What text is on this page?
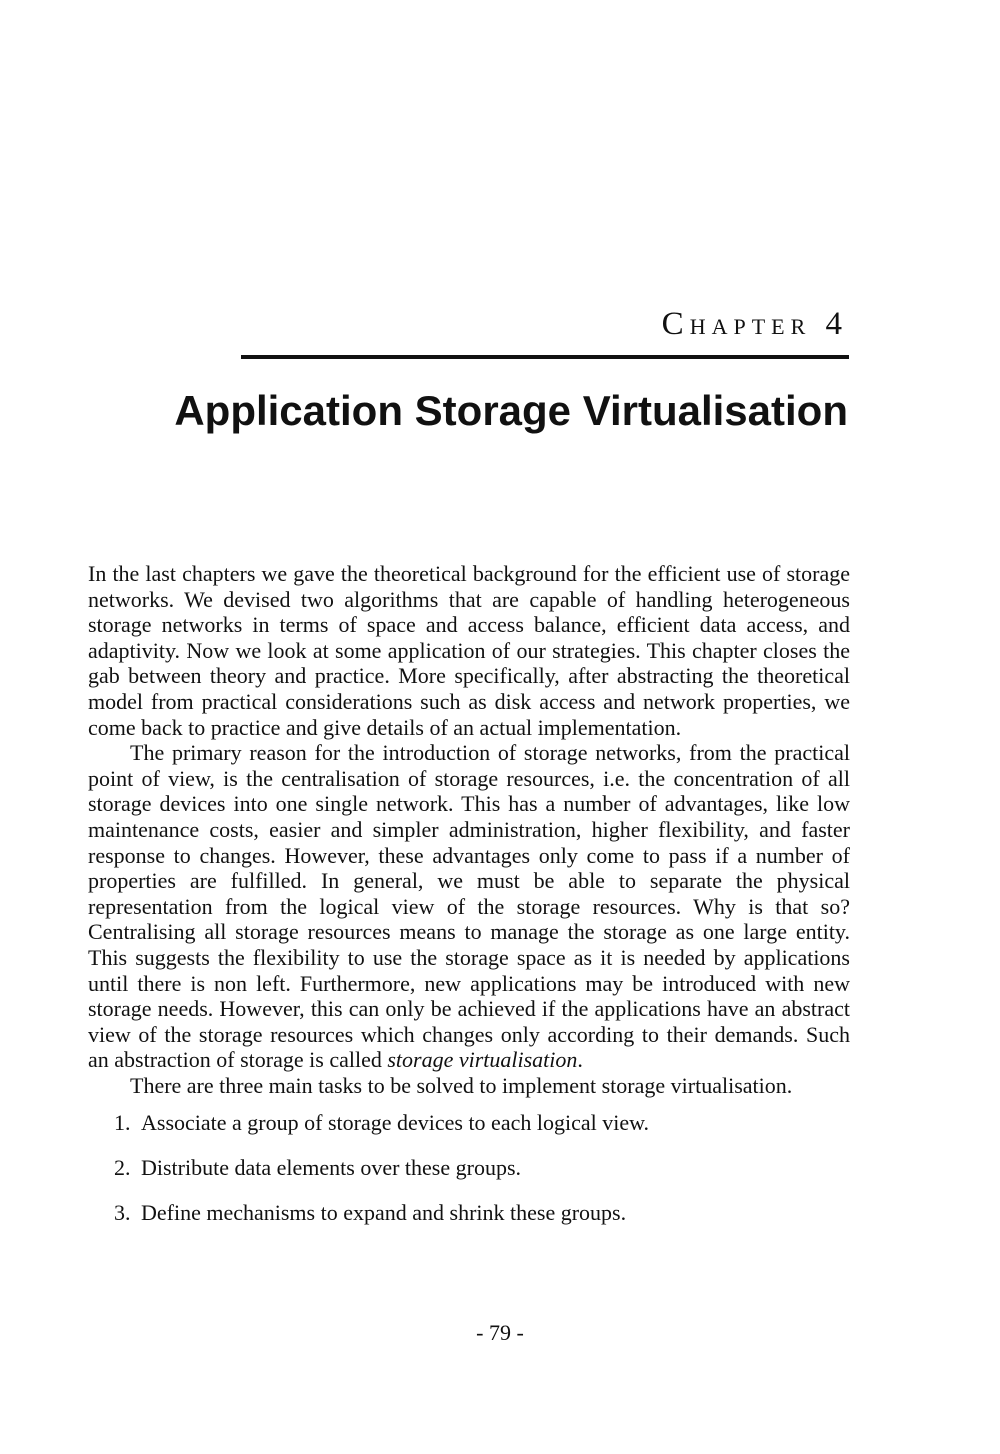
CHAPTER 4
Application Storage Virtualisation

In the last chapters we gave the theoretical background for the efficient use of storage networks. We devised two algorithms that are capable of handling heterogeneous storage networks in terms of space and access balance, efficient data access, and adaptivity. Now we look at some application of our strategies. This chapter closes the gab between theory and practice. More specifically, after abstracting the theoretical model from practical considerations such as disk access and network properties, we come back to practice and give details of an actual implementation.

The primary reason for the introduction of storage networks, from the practical point of view, is the centralisation of storage resources, i.e. the concentration of all storage devices into one single network. This has a number of advantages, like low maintenance costs, easier and simpler administration, higher flexibility, and faster response to changes. However, these advantages only come to pass if a number of properties are fulfilled. In general, we must be able to separate the physical representation from the logical view of the storage resources. Why is that so? Centralising all storage resources means to manage the storage as one large entity. This suggests the flexibility to use the storage space as it is needed by applications until there is non left. Furthermore, new applications may be introduced with new storage needs. However, this can only be achieved if the applications have an abstract view of the storage resources which changes only according to their demands. Such an abstraction of storage is called storage virtualisation.

There are three main tasks to be solved to implement storage virtualisation.

1. Associate a group of storage devices to each logical view.
2. Distribute data elements over these groups.
3. Define mechanisms to expand and shrink these groups.
- 79 -
